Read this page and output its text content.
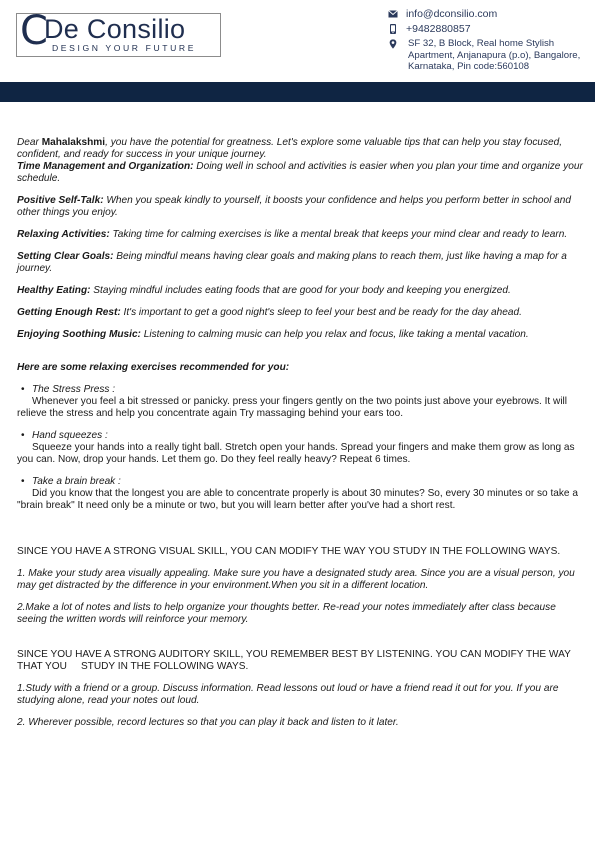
C
De Consilio
DESIGN YOUR FUTURE
info@dconsilio.com
+9482880857
SF 32, B Block, Real home Stylish Apartment, Anjanapura (p.o), Bangalore, Karnataka, Pin code:560108

Dear Mahalakshmi, you have the potential for greatness. Let's explore some valuable tips that can help you stay focused, confident, and ready for success in your unique journey.

Time Management and Organization: Doing well in school and activities is easier when you plan your time and organize your schedule.

Positive Self-Talk: When you speak kindly to yourself, it boosts your confidence and helps you perform better in school and other things you enjoy.

Relaxing Activities: Taking time for calming exercises is like a mental break that keeps your mind clear and ready to learn.

Setting Clear Goals: Being mindful means having clear goals and making plans to reach them, just like having a map for a journey.

Healthy Eating: Staying mindful includes eating foods that are good for your body and keeping you energized.

Getting Enough Rest: It's important to get a good night's sleep to feel your best and be ready for the day ahead.

Enjoying Soothing Music: Listening to calming music can help you relax and focus, like taking a mental vacation.

Here are some relaxing exercises recommended for you:

• The Stress Press :

Whenever you feel a bit stressed or panicky. press your fingers gently on the two points just above your eyebrows. It will relieve the stress and help you concentrate again Try massaging behind your ears too.

• Hand squeezes :

Squeeze your hands into a really tight ball. Stretch open your hands. Spread your fingers and make them grow as long as you can. Now, drop your hands. Let them go. Do they feel really heavy? Repeat 6 times.

• Take a brain break :

Did you know that the longest you are able to concentrate properly is about 30 minutes? So, every 30 minutes or so take a "brain break" It need only be a minute or two, but you will learn better after you've had a short rest.

SINCE YOU HAVE A STRONG VISUAL SKILL, YOU CAN MODIFY THE WAY YOU STUDY IN THE FOLLOWING WAYS.

1. Make your study area visually appealing. Make sure you have a designated study area. Since you are a visual person, you may get distracted by the difference in your environment.When you sit in a different location.

2.Make a lot of notes and lists to help organize your thoughts better. Re-read your notes immediately after class because seeing the written words will reinforce your memory.

SINCE YOU HAVE A STRONG AUDITORY SKILL, YOU REMEMBER BEST BY LISTENING. YOU CAN MODIFY THE WAY THAT YOU     STUDY IN THE FOLLOWING WAYS.

1.Study with a friend or a group. Discuss information. Read lessons out loud or have a friend read it out for you. If you are studying alone, read your notes out loud.

2. Wherever possible, record lectures so that you can play it back and listen to it later.
